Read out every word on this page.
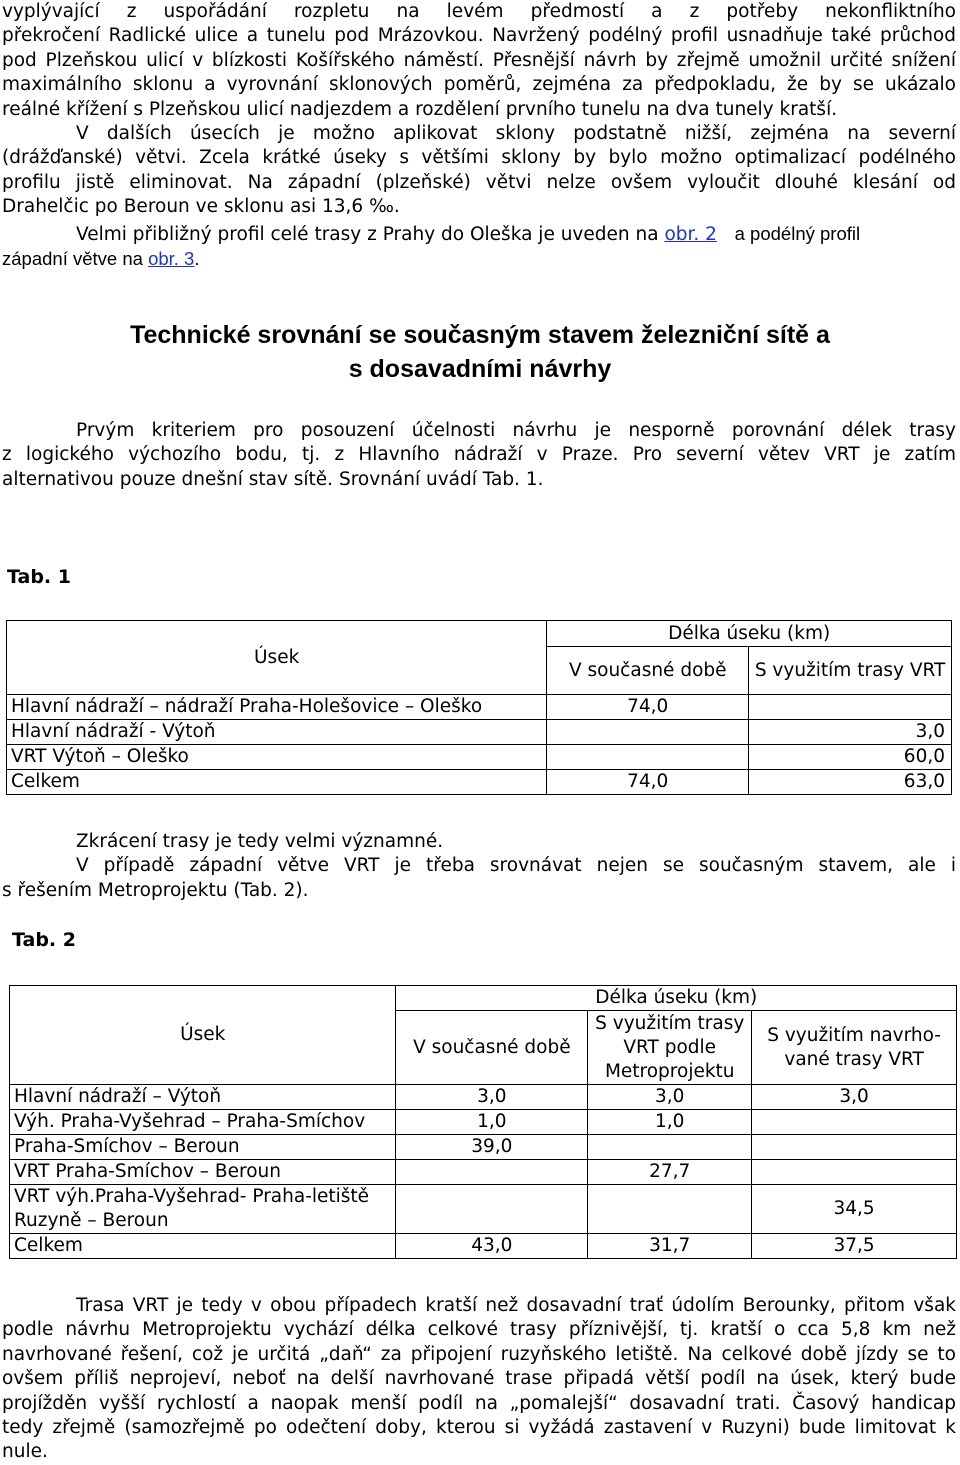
vyplývající z uspořádání rozpletu na levém předmostí a z potřeby nekonfliktního
překročení Radlické ulice a tunelu pod Mrázovkou. Navržený podélný profil usnadňuje také průchod
pod Plzeňskou ulicí v blízkosti Košířského náměstí. Přesnější návrh by zřejmě umožnil určité snížení
maximálního sklonu a vyrovnání sklonových poměrů, zejména za předpokladu, že by se ukázalo
reálné křížení s Plzeňskou ulicí nadjezdem a rozdělení prvního tunelu na dva tunely kratší.
V dalších úsecích je možno aplikovat sklony podstatně nižší, zejména na severní
(drážďanské) větvi. Zcela krátké úseky s většími sklony by bylo možno optimalizací podélného
profilu jistě eliminovat. Na západní (plzeňské) větvi nelze ovšem vyloučit dlouhé klesání od
Drahelčic po Beroun ve sklonu asi 13,6 ‰.
Velmi přibližný profil celé trasy z Prahy do Oleška je uveden na obr. 2 a podélný profil
západní větve na obr. 3.
Technické srovnání se současným stavem železniční sítě a
s dosavadními návrhy
Prvým kriteriem pro posouzení účelnosti návrhu je nesporně porovnání délek trasy
z logického výchozího bodu, tj. z Hlavního nádraží v Praze. Pro severní větev VRT je zatím
alternativou pouze dnešní stav sítě. Srovnání uvádí Tab. 1.
Tab. 1
Úsek	Délka úseku (km)	
	V současné době	S využitím trasy VRT
Hlavní nádraží – nádraží Praha-Holešovice – Oleško	74,0	
Hlavní nádraží - Výtoň		3,0
VRT Výtoň – Oleško		60,0
Celkem	74,0	63,0
Zkrácení trasy je tedy velmi významné.
V případě západní větve VRT je třeba srovnávat nejen se současným stavem, ale i
s řešením Metroprojektu (Tab. 2).
Tab. 2
Úsek	Délka úseku (km)		
	V současné době	S využitím trasy VRT podle Metroprojektu	S využitím navrho-vané trasy VRT
Hlavní nádraží – Výtoň	3,0	3,0	3,0
Výh. Praha-Vyšehrad – Praha-Smíchov	1,0	1,0	
Praha-Smíchov – Beroun	39,0		
VRT Praha-Smíchov – Beroun		27,7	
VRT výh.Praha-Vyšehrad- Praha-letiště Ruzyně – Beroun			34,5
Celkem	43,0	31,7	37,5
Trasa VRT je tedy v obou případech kratší než dosavadní trať údolím Berounky, přitom však
podle návrhu Metroprojektu vychází délka celkové trasy příznivější, tj. kratší o cca 5,8 km než
navrhované řešení, což je určitá „daň“ za připojení ruzyňského letiště. Na celkové době jízdy se to
ovšem příliš neprojeví, neboť na delší navrhované trase připadá větší podíl na úsek, který bude
projížděn vyšší rychlostí a naopak menší podíl na „pomalejší“ dosavadní trati. Časový handicap
tedy zřejmě (samozřejmě po odečtení doby, kterou si vyžádá zastavení v Ruzyni) bude limitovat k
nule.
